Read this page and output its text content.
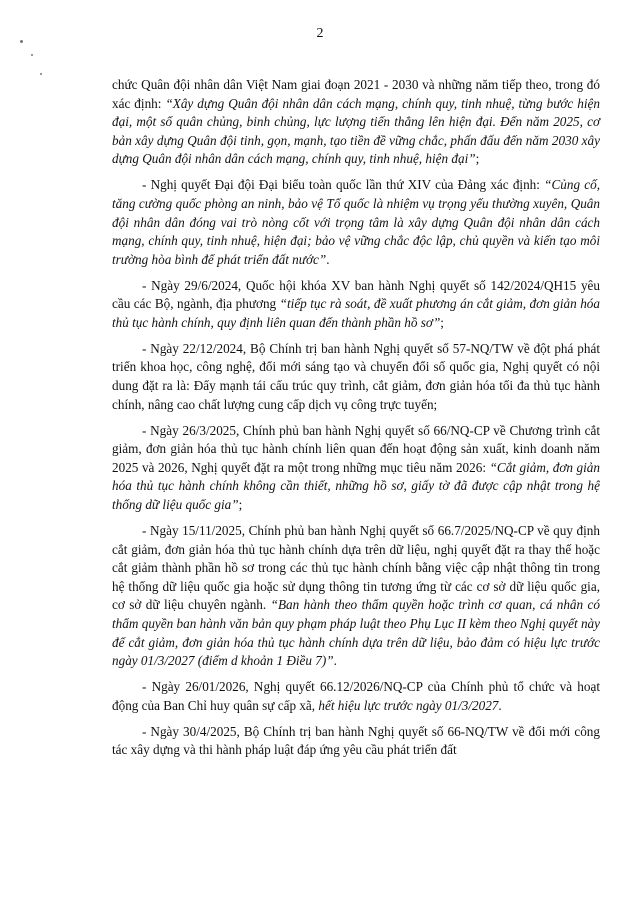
2

chức Quân đội nhân dân Việt Nam giai đoạn 2021 - 2030 và những năm tiếp theo, trong đó xác định: “Xây dựng Quân đội nhân dân cách mạng, chính quy, tinh nhuệ, từng bước hiện đại, một số quân chủng, binh chủng, lực lượng tiến thẳng lên hiện đại. Đến năm 2025, cơ bản xây dựng Quân đội tinh, gọn, mạnh, tạo tiền đề vững chắc, phấn đấu đến năm 2030 xây dựng Quân đội nhân dân cách mạng, chính quy, tinh nhuệ, hiện đại”;

- Nghị quyết Đại đội Đại biểu toàn quốc lần thứ XIV của Đảng xác định: “Củng cố, tăng cường quốc phòng an ninh, bảo vệ Tổ quốc là nhiệm vụ trọng yếu thường xuyên, Quân đội nhân dân đóng vai trò nòng cốt với trọng tâm là xây dựng Quân đội nhân dân cách mạng, chính quy, tinh nhuệ, hiện đại; bảo vệ vững chắc độc lập, chủ quyền và kiến tạo môi trường hòa bình để phát triển đất nước”.

- Ngày 29/6/2024, Quốc hội khóa XV ban hành Nghị quyết số 142/2024/QH15 yêu cầu các Bộ, ngành, địa phương “tiếp tục rà soát, đề xuất phương án cắt giảm, đơn giản hóa thủ tục hành chính, quy định liên quan đến thành phần hồ sơ”;

- Ngày 22/12/2024, Bộ Chính trị ban hành Nghị quyết số 57-NQ/TW về đột phá phát triển khoa học, công nghệ, đổi mới sáng tạo và chuyển đổi số quốc gia, Nghị quyết có nội dung đặt ra là: Đẩy mạnh tái cấu trúc quy trình, cắt giảm, đơn giản hóa tối đa thủ tục hành chính, nâng cao chất lượng cung cấp dịch vụ công trực tuyến;

- Ngày 26/3/2025, Chính phủ ban hành Nghị quyết số 66/NQ-CP về Chương trình cắt giảm, đơn giản hóa thủ tục hành chính liên quan đến hoạt động sản xuất, kinh doanh năm 2025 và 2026, Nghị quyết đặt ra một trong những mục tiêu năm 2026: “Cắt giảm, đơn giản hóa thủ tục hành chính không cần thiết, những hồ sơ, giấy tờ đã được cập nhật trong hệ thống dữ liệu quốc gia”;

- Ngày 15/11/2025, Chính phủ ban hành Nghị quyết số 66.7/2025/NQ-CP về quy định cắt giảm, đơn giản hóa thủ tục hành chính dựa trên dữ liệu, nghị quyết đặt ra thay thế hoặc cắt giảm thành phần hồ sơ trong các thủ tục hành chính bằng việc cập nhật thông tin trong hệ thống dữ liệu quốc gia hoặc sử dụng thông tin tương ứng từ các cơ sở dữ liệu quốc gia, cơ sở dữ liệu chuyên ngành. “Ban hành theo thẩm quyền hoặc trình cơ quan, cá nhân có thẩm quyền ban hành văn bản quy phạm pháp luật theo Phụ Lục II kèm theo Nghị quyết này để cắt giảm, đơn giản hóa thủ tục hành chính dựa trên dữ liệu, bảo đảm có hiệu lực trước ngày 01/3/2027 (điểm d khoản 1 Điều 7)”.

- Ngày 26/01/2026, Nghị quyết 66.12/2026/NQ-CP của Chính phủ tổ chức và hoạt động của Ban Chỉ huy quân sự cấp xã, hết hiệu lực trước ngày 01/3/2027.

- Ngày 30/4/2025, Bộ Chính trị ban hành Nghị quyết số 66-NQ/TW về đổi mới công tác xây dựng và thi hành pháp luật đáp ứng yêu cầu phát triển đất
